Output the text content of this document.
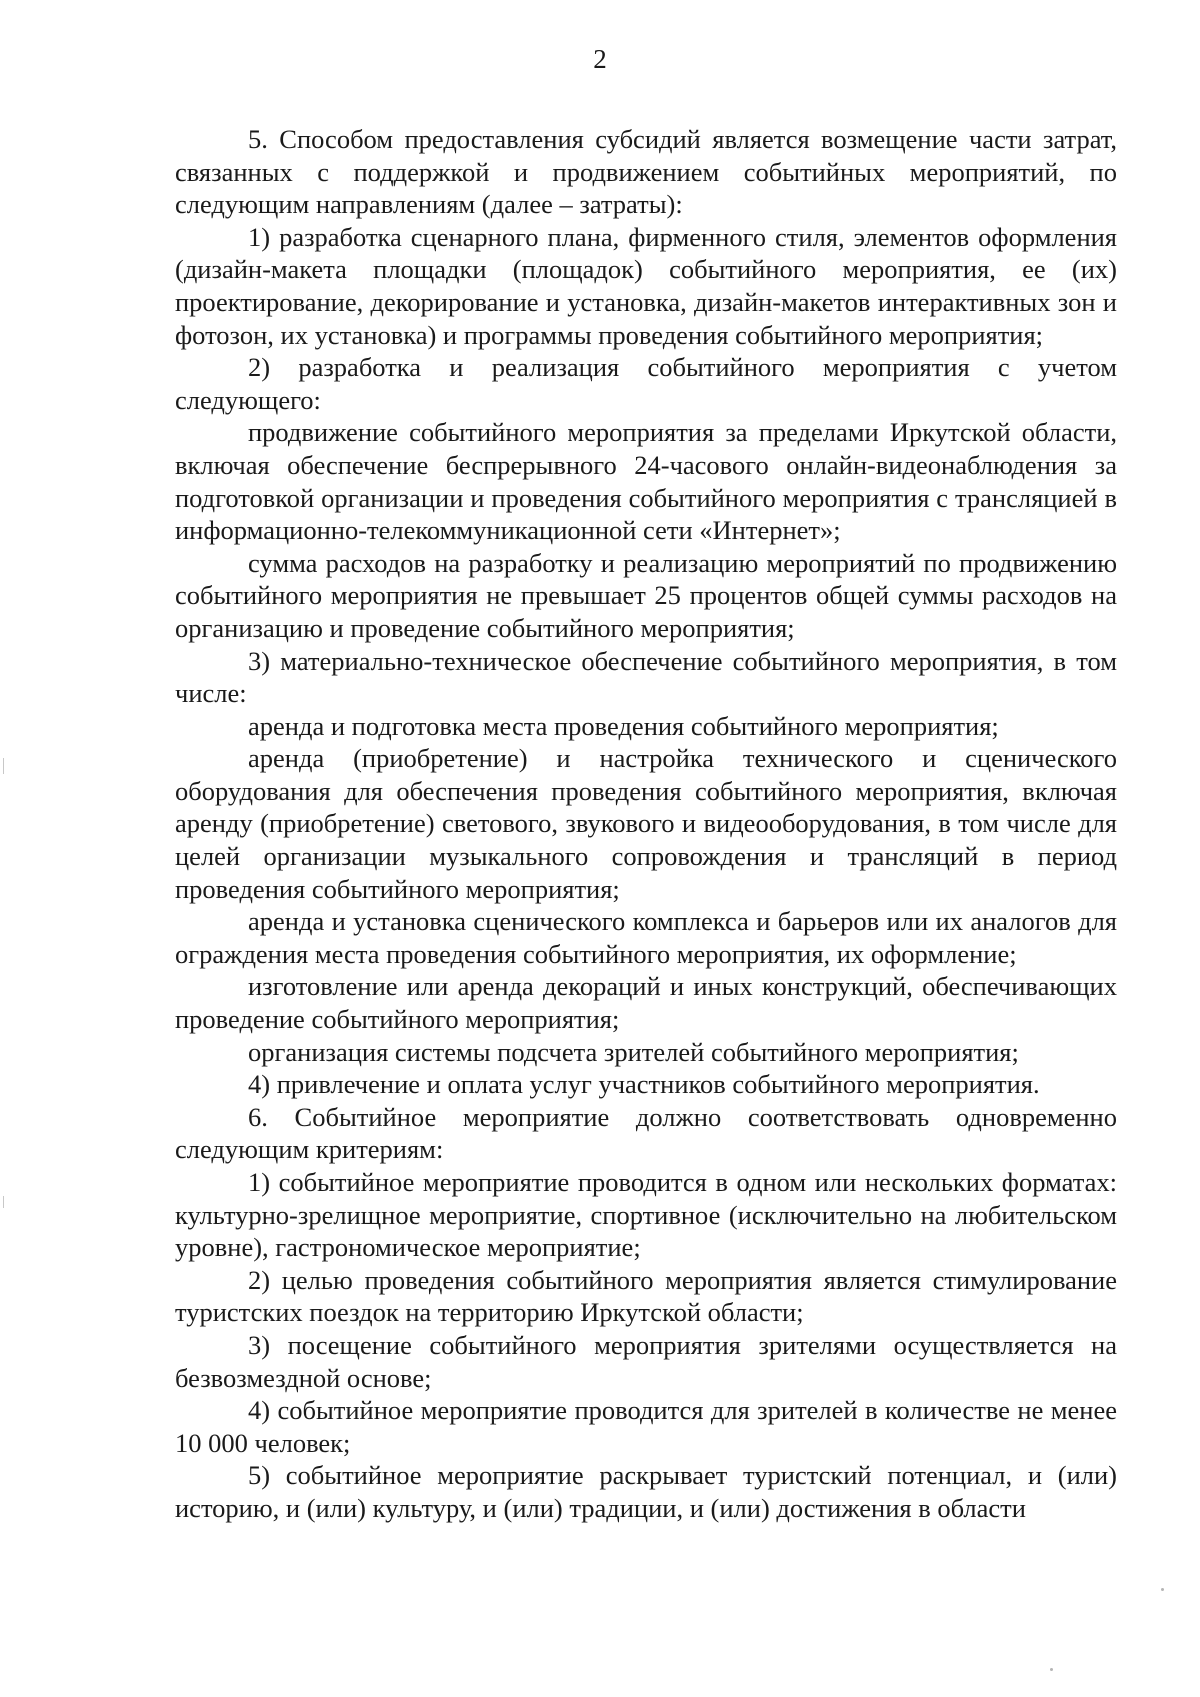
2

5. Способом предоставления субсидий является возмещение части затрат, связанных с поддержкой и продвижением событийных мероприятий, по следующим направлениям (далее – затраты):

1) разработка сценарного плана, фирменного стиля, элементов оформления (дизайн-макета площадки (площадок) событийного мероприятия, ее (их) проектирование, декорирование и установка, дизайн-макетов интерактивных зон и фотозон, их установка) и программы проведения событийного мероприятия;

2) разработка и реализация событийного мероприятия с учетом следующего:

продвижение событийного мероприятия за пределами Иркутской области, включая обеспечение беспрерывного 24-часового онлайн-видеонаблюдения за подготовкой организации и проведения событийного мероприятия с трансляцией в информационно-телекоммуникационной сети «Интернет»;

сумма расходов на разработку и реализацию мероприятий по продвижению событийного мероприятия не превышает 25 процентов общей суммы расходов на организацию и проведение событийного мероприятия;

3) материально-техническое обеспечение событийного мероприятия, в том числе:

аренда и подготовка места проведения событийного мероприятия;

аренда (приобретение) и настройка технического и сценического оборудования для обеспечения проведения событийного мероприятия, включая аренду (приобретение) светового, звукового и видеооборудования, в том числе для целей организации музыкального сопровождения и трансляций в период проведения событийного мероприятия;

аренда и установка сценического комплекса и барьеров или их аналогов для ограждения места проведения событийного мероприятия, их оформление;

изготовление или аренда декораций и иных конструкций, обеспечивающих проведение событийного мероприятия;

организация системы подсчета зрителей событийного мероприятия;

4) привлечение и оплата услуг участников событийного мероприятия.

6. Событийное мероприятие должно соответствовать одновременно следующим критериям:

1) событийное мероприятие проводится в одном или нескольких форматах: культурно-зрелищное мероприятие, спортивное (исключительно на любительском уровне), гастрономическое мероприятие;

2) целью проведения событийного мероприятия является стимулирование туристских поездок на территорию Иркутской области;

3) посещение событийного мероприятия зрителями осуществляется на безвозмездной основе;

4) событийное мероприятие проводится для зрителей в количестве не менее 10 000 человек;

5) событийное мероприятие раскрывает туристский потенциал, и (или) историю, и (или) культуру, и (или) традиции, и (или) достижения в области
